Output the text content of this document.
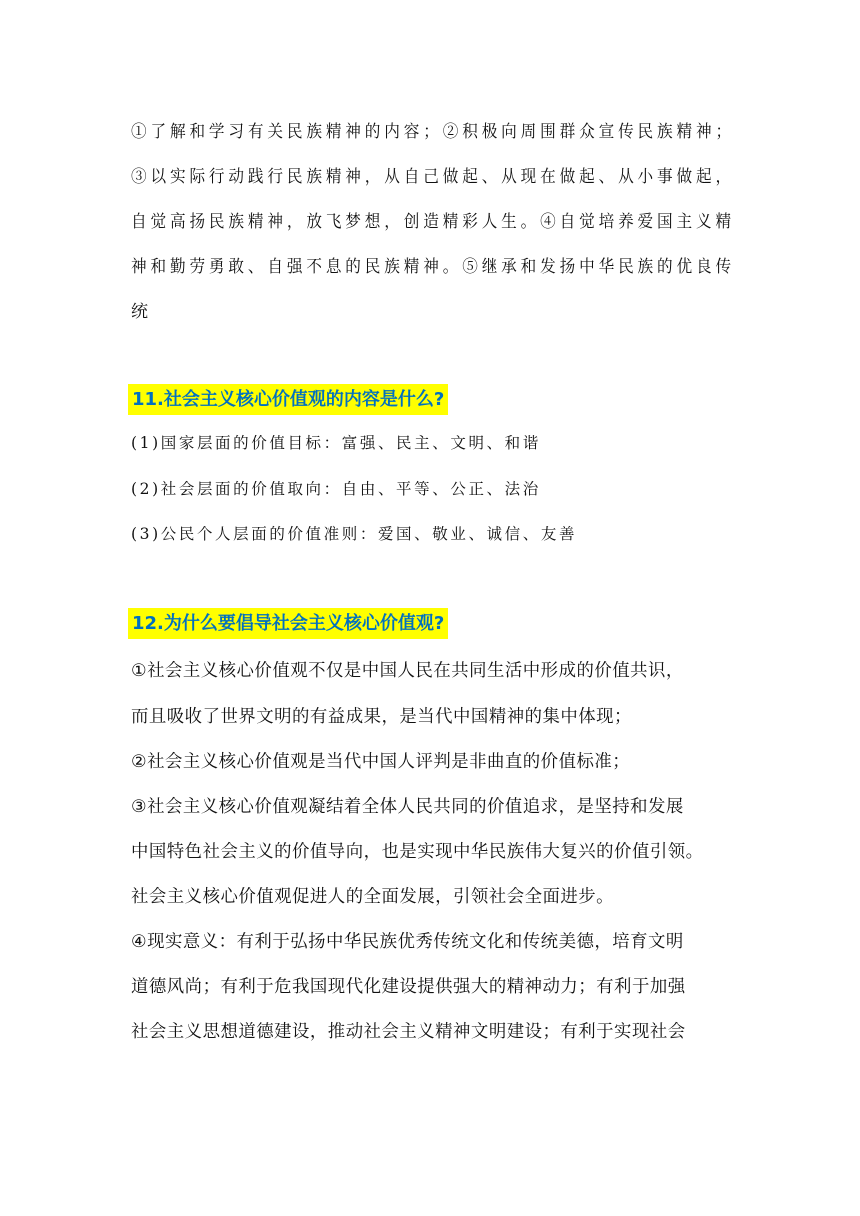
①了解和学习有关民族精神的内容；②积极向周围群众宣传民族精神；
③以实际行动践行民族精神，从自己做起、从现在做起、从小事做起，
自觉高扬民族精神，放飞梦想，创造精彩人生。④自觉培养爱国主义精
神和勤劳勇敢、自强不息的民族精神。⑤继承和发扬中华民族的优良传
统
11.社会主义核心价值观的内容是什么?
(1)国家层面的价值目标：富强、民主、文明、和谐
(2)社会层面的价值取向：自由、平等、公正、法治
(3)公民个人层面的价值准则：爱国、敬业、诚信、友善
12.为什么要倡导社会主义核心价值观?
①社会主义核心价值观不仅是中国人民在共同生活中形成的价值共识，
而且吸收了世界文明的有益成果，是当代中国精神的集中体现；
②社会主义核心价值观是当代中国人评判是非曲直的价值标准；
③社会主义核心价值观凝结着全体人民共同的价值追求，是坚持和发展
中国特色社会主义的价值导向，也是实现中华民族伟大复兴的价值引领。
社会主义核心价值观促进人的全面发展，引领社会全面进步。
④现实意义：有利于弘扬中华民族优秀传统文化和传统美德，培育文明
道德风尚；有利于危我国现代化建设提供强大的精神动力；有利于加强
社会主义思想道德建设，推动社会主义精神文明建设；有利于实现社会
